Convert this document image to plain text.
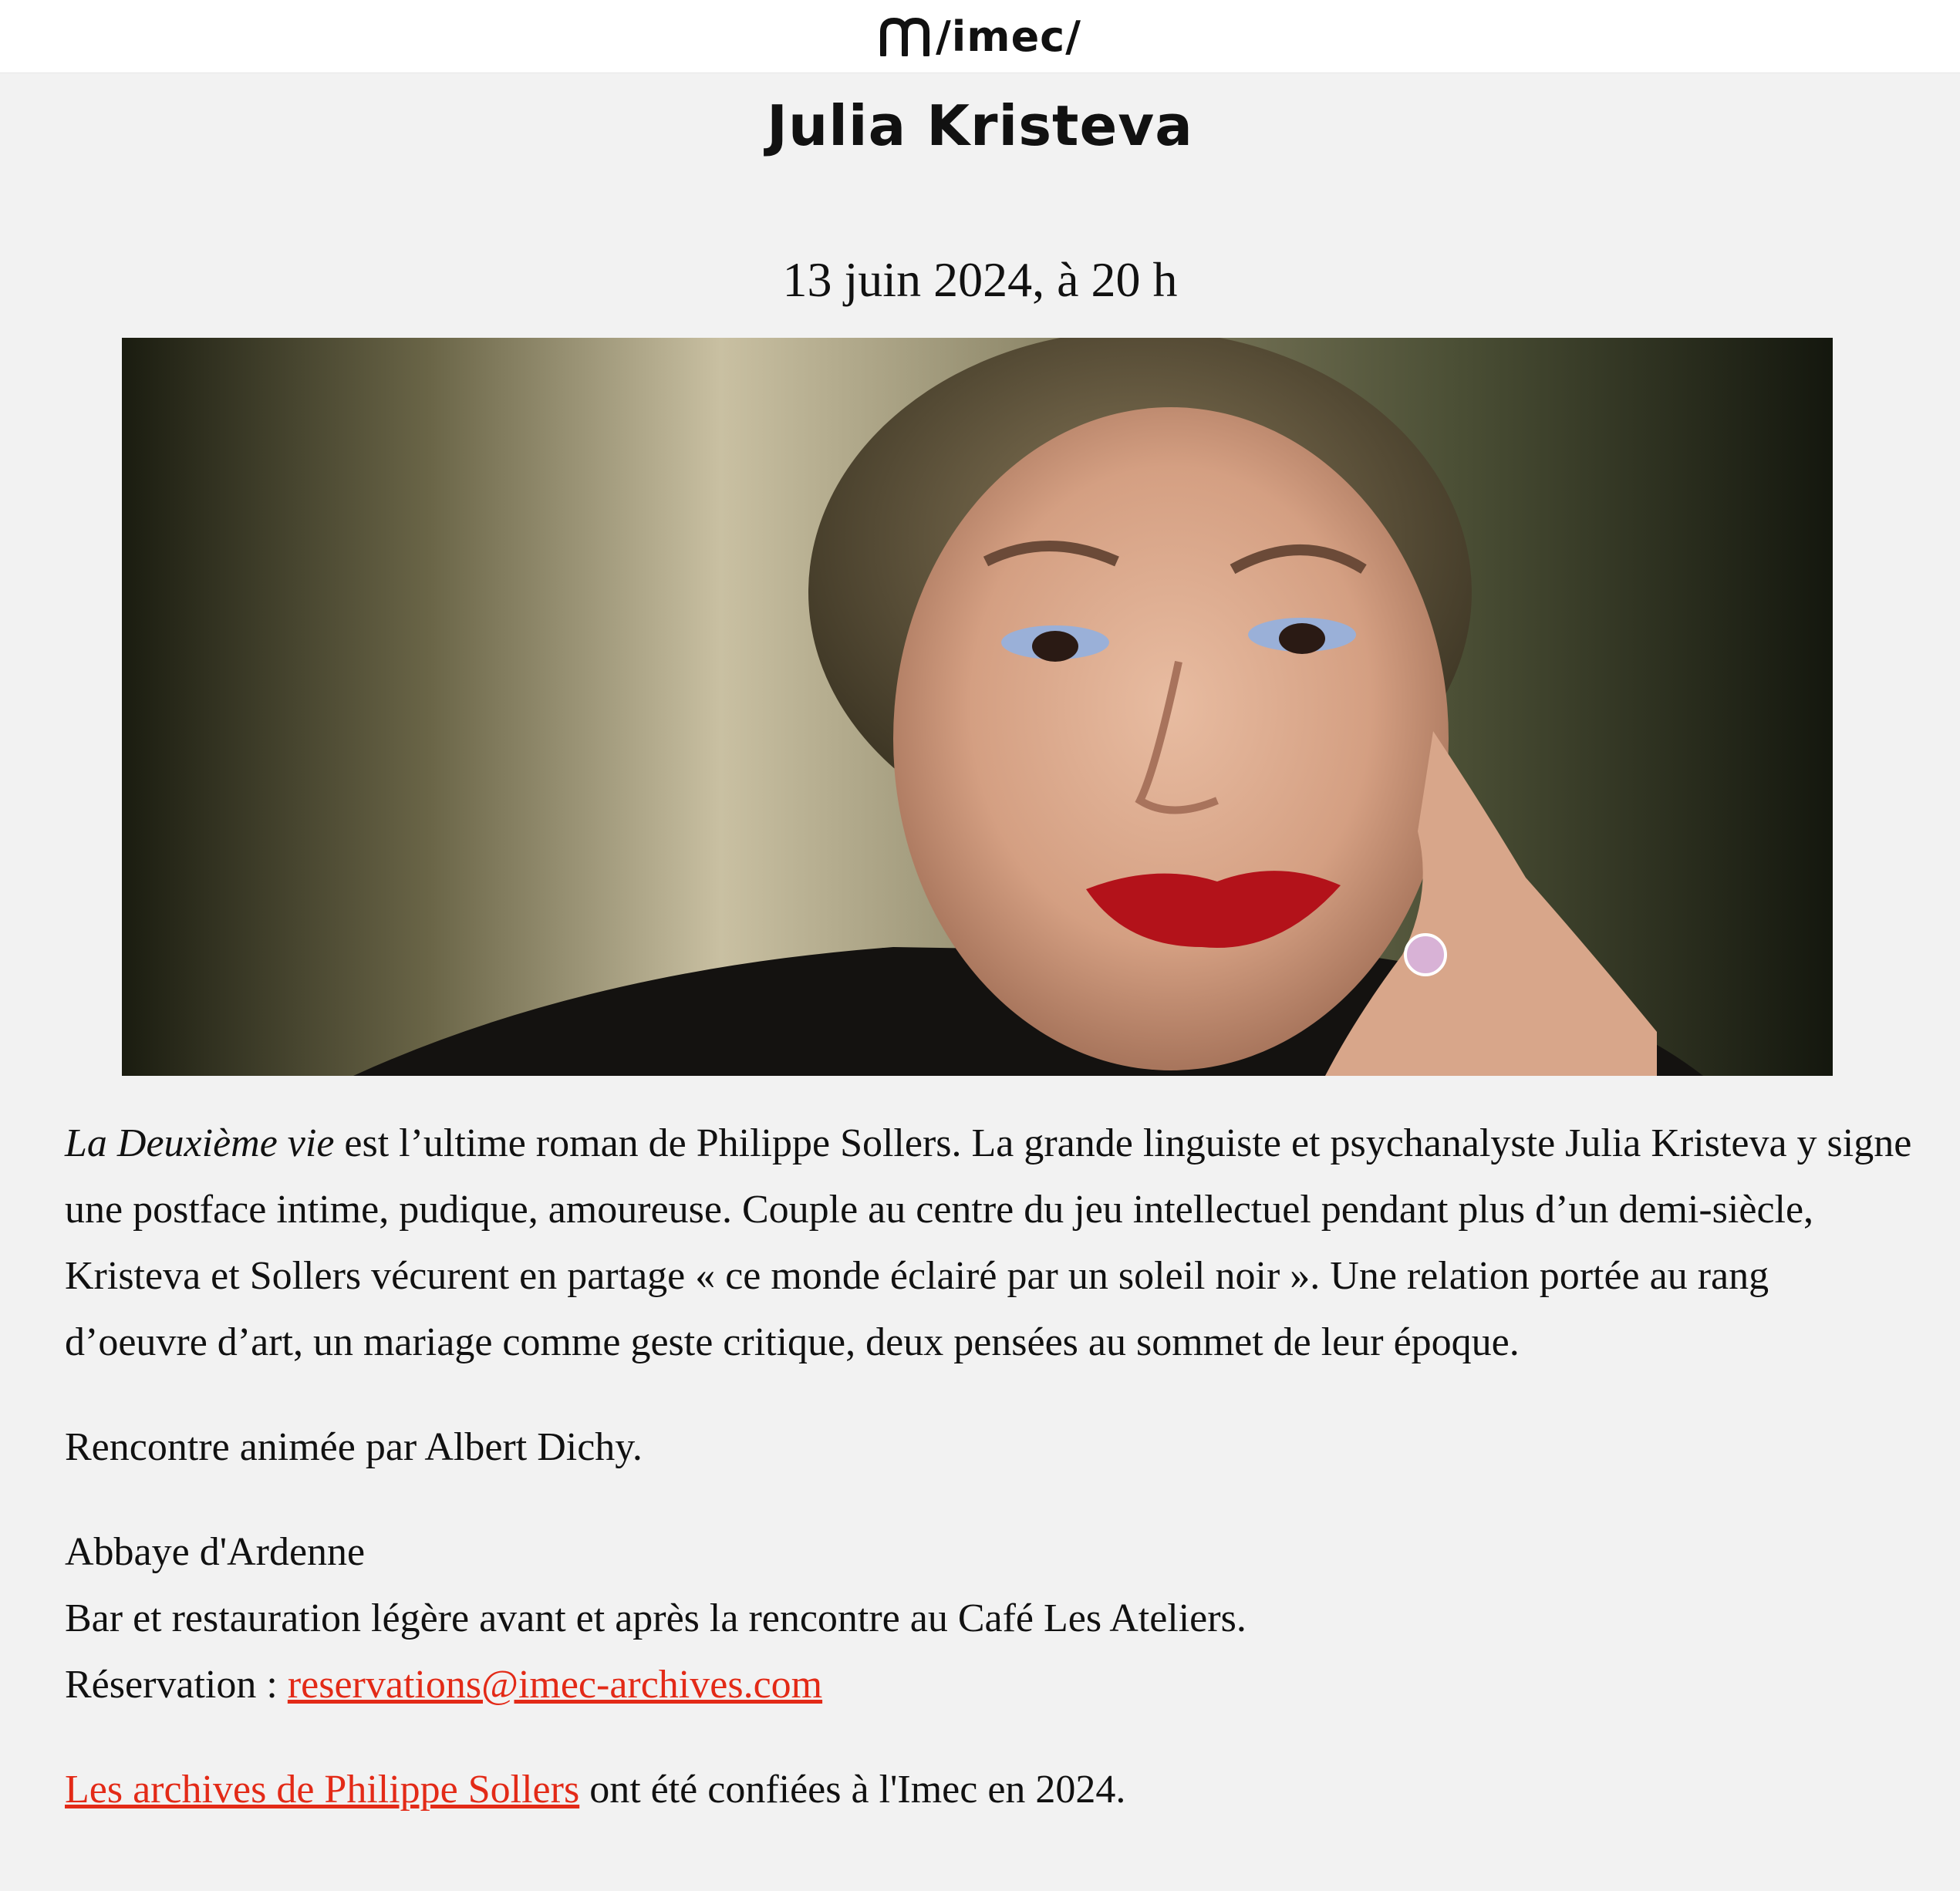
/imec/
Julia Kristeva
13 juin 2024, à 20 h

La Deuxième vie est l’ultime roman de Philippe Sollers. La grande linguiste et psychanalyste Julia Kristeva y signe une postface intime, pudique, amoureuse. Couple au centre du jeu intellectuel pendant plus d’un demi-siècle, Kristeva et Sollers vécurent en partage « ce monde éclairé par un soleil noir ». Une relation portée au rang d’oeuvre d’art, un mariage comme geste critique, deux pensées au sommet de leur époque.

Rencontre animée par Albert Dichy.

Abbaye d'Ardenne
Bar et restauration légère avant et après la rencontre au Café Les Ateliers.
Réservation : reservations@imec-archives.com

Les archives de Philippe Sollers ont été confiées à l'Imec en 2024.
